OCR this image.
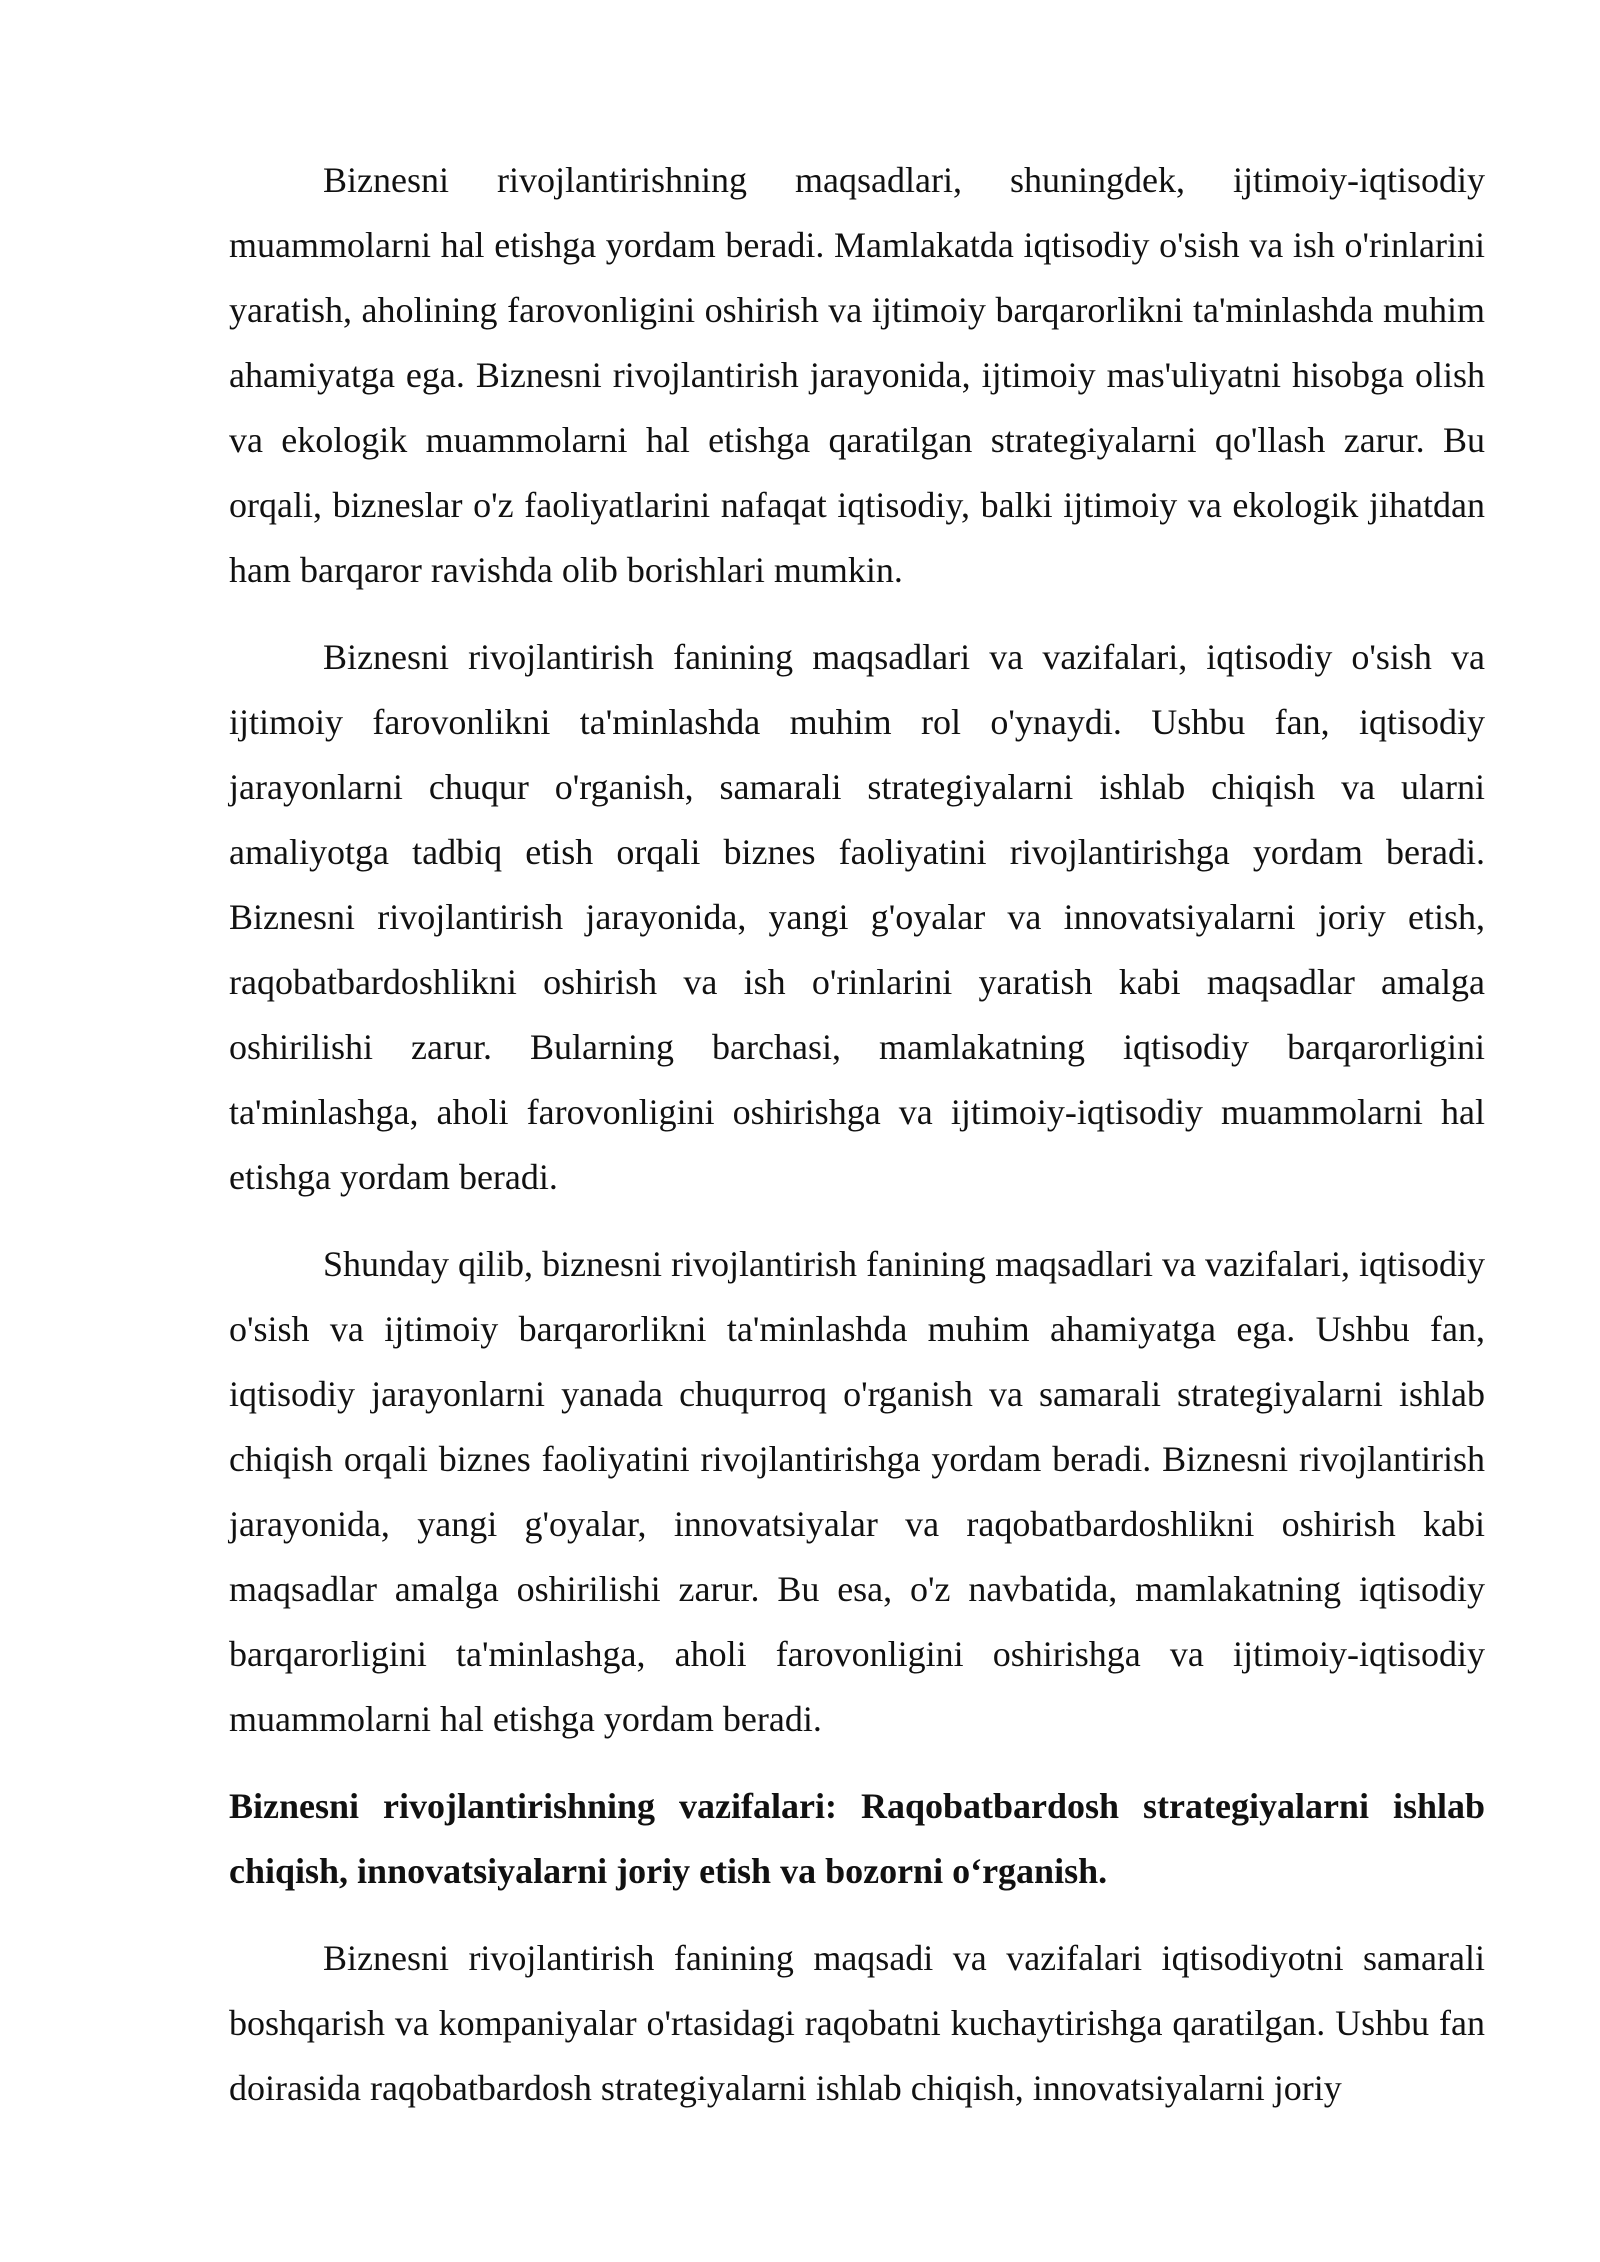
Biznesni rivojlantirishning maqsadlari, shuningdek, ijtimoiy-iqtisodiy muammolarni hal etishga yordam beradi. Mamlakatda iqtisodiy o'sish va ish o'rinlarini yaratish, aholining farovonligini oshirish va ijtimoiy barqarorlikni ta'minlashda muhim ahamiyatga ega. Biznesni rivojlantirish jarayonida, ijtimoiy mas'uliyatni hisobga olish va ekologik muammolarni hal etishga qaratilgan strategiyalarni qo'llash zarur. Bu orqali, bizneslar o'z faoliyatlarini nafaqat iqtisodiy, balki ijtimoiy va ekologik jihatdan ham barqaror ravishda olib borishlari mumkin.

Biznesni rivojlantirish fanining maqsadlari va vazifalari, iqtisodiy o'sish va ijtimoiy farovonlikni ta'minlashda muhim rol o'ynaydi. Ushbu fan, iqtisodiy jarayonlarni chuqur o'rganish, samarali strategiyalarni ishlab chiqish va ularni amaliyotga tadbiq etish orqali biznes faoliyatini rivojlantirishga yordam beradi. Biznesni rivojlantirish jarayonida, yangi g'oyalar va innovatsiyalarni joriy etish, raqobatbardoshlikni oshirish va ish o'rinlarini yaratish kabi maqsadlar amalga oshirilishi zarur. Bularning barchasi, mamlakatning iqtisodiy barqarorligini ta'minlashga, aholi farovonligini oshirishga va ijtimoiy-iqtisodiy muammolarni hal etishga yordam beradi.

Shunday qilib, biznesni rivojlantirish fanining maqsadlari va vazifalari, iqtisodiy o'sish va ijtimoiy barqarorlikni ta'minlashda muhim ahamiyatga ega. Ushbu fan, iqtisodiy jarayonlarni yanada chuqurroq o'rganish va samarali strategiyalarni ishlab chiqish orqali biznes faoliyatini rivojlantirishga yordam beradi. Biznesni rivojlantirish jarayonida, yangi g'oyalar, innovatsiyalar va raqobatbardoshlikni oshirish kabi maqsadlar amalga oshirilishi zarur. Bu esa, o'z navbatida, mamlakatning iqtisodiy barqarorligini ta'minlashga, aholi farovonligini oshirishga va ijtimoiy-iqtisodiy muammolarni hal etishga yordam beradi.

Biznesni rivojlantirishning vazifalari: Raqobatbardosh strategiyalarni ishlab chiqish, innovatsiyalarni joriy etish va bozorni o‘rganish.

Biznesni rivojlantirish fanining maqsadi va vazifalari iqtisodiyotni samarali boshqarish va kompaniyalar o'rtasidagi raqobatni kuchaytirishga qaratilgan. Ushbu fan doirasida raqobatbardosh strategiyalarni ishlab chiqish, innovatsiyalarni joriy
